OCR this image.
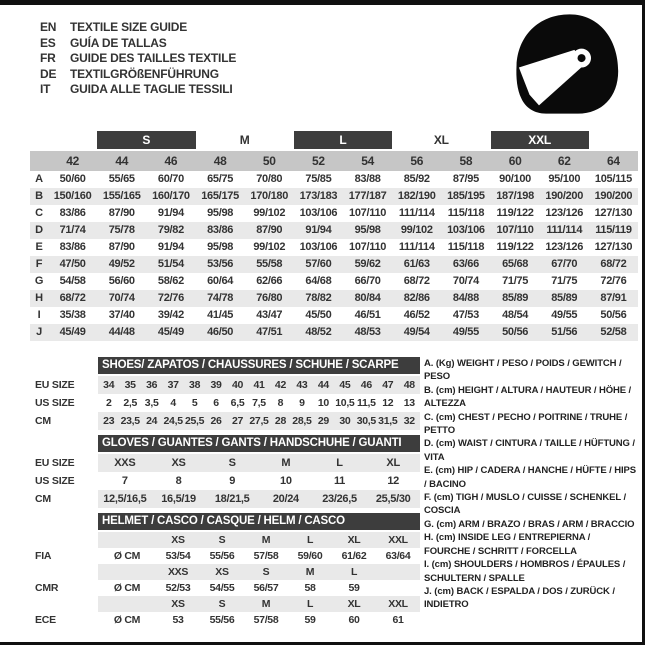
EN	TEXTILE SIZE GUIDE
ES	GUÍA DE TALLAS
FR	GUIDE DES TAILLES TEXTILE
DE	TEXTILGRÖßENFÜHRUNG
IT	GUIDA ALLE TAGLIE TESSILI
S	M	L	XL	XXL
42	44	46	48	50	52	54	56	58	60	62	64
A	50/60	55/65	60/70	65/75	70/80	75/85	83/88	85/92	87/95	90/100	95/100	105/115
B 150/160	155/165	160/170	165/175	170/180	173/183	177/187	182/190	185/195	187/198	190/200	190/200
C	83/86	87/90	91/94	95/98	99/102	103/106	107/110	111/114	115/118	119/122	123/126	127/130
D	71/74	75/78	79/82	83/86	87/90	91/94	95/98	99/102	103/106	107/110	111/114	115/119
E	83/86	87/90	91/94	95/98	99/102	103/106	107/110	111/114	115/118	119/122	123/126	127/130
F	47/50	49/52	51/54	53/56	55/58	57/60	59/62	61/63	63/66	65/68	67/70	68/72
G	54/58	56/60	58/62	60/64	62/66	64/68	66/70	68/72	70/74	71/75	71/75	72/76
H	68/72	70/74	72/76	74/78	76/80	78/82	80/84	82/86	84/88	85/89	85/89	87/91
I	35/38	37/40	39/42	41/45	43/47	45/50	46/51	46/52	47/53	48/54	49/55	50/56
J	45/49	44/48	45/49	46/50	47/51	48/52	48/53	49/54	49/55	50/56	51/56	52/58
SHOES/ ZAPATOS / CHAUSSURES / SCHUHE / SCARPE
EU SIZE	34 35 36 37 38 39 40 41 42 43 44 45 46 47 48
US SIZE	2	2,5 3,5	4	5	6	6,5 7,5	8	9	10 10,5 11,5 12 13
CM	23 23,5 24 24,5 25,5 26 27 27,5 28 28,5 29 30 30,5 31,5 32
GLOVES / GUANTES / GANTS / HANDSCHUHE / GUANTI
EU SIZE	XXS	XS	S	M	L	XL
US SIZE	7	8	9	10	11	12
CM	12,5/16,5	16,5/19	18/21,5	20/24	23/26,5	25,5/30
HELMET / CASCO / CASQUE / HELM / CASCO
XS	S	M	L	XL	XXL
FIA	Ø CM	53/54	55/56	57/58	59/60	61/62	63/64
XXS	XS	S	M	L
CMR	Ø CM	52/53	54/55	56/57	58	59
XS	S	M	L	XL	XXL
ECE	Ø CM	53	55/56	57/58	59	60	61
A. (Kg) WEIGHT / PESO / POIDS / GEWITCH / PESO
B. (cm) HEIGHT / ALTURA / HAUTEUR / HÖHE / ALTEZZA
C. (cm) CHEST / PECHO / POITRINE / TRUHE / PETTO
D. (cm) WAIST / CINTURA / TAILLE / HÜFTUNG / VITA
E. (cm) HIP / CADERA / HANCHE / HÜFTE / HIPS / BACINO
F. (cm) TIGH / MUSLO / CUISSE / SCHENKEL / COSCIA
G. (cm) ARM / BRAZO / BRAS / ARM / BRACCIO
H. (cm) INSIDE LEG / ENTREPIERNA / FOURCHE / SCHRITT / FORCELLA
I. (cm) SHOULDERS / HOMBROS / ÉPAULES / SCHULTERN / SPALLE
J. (cm) BACK / ESPALDA / DOS / ZURÜCK / INDIETRO
